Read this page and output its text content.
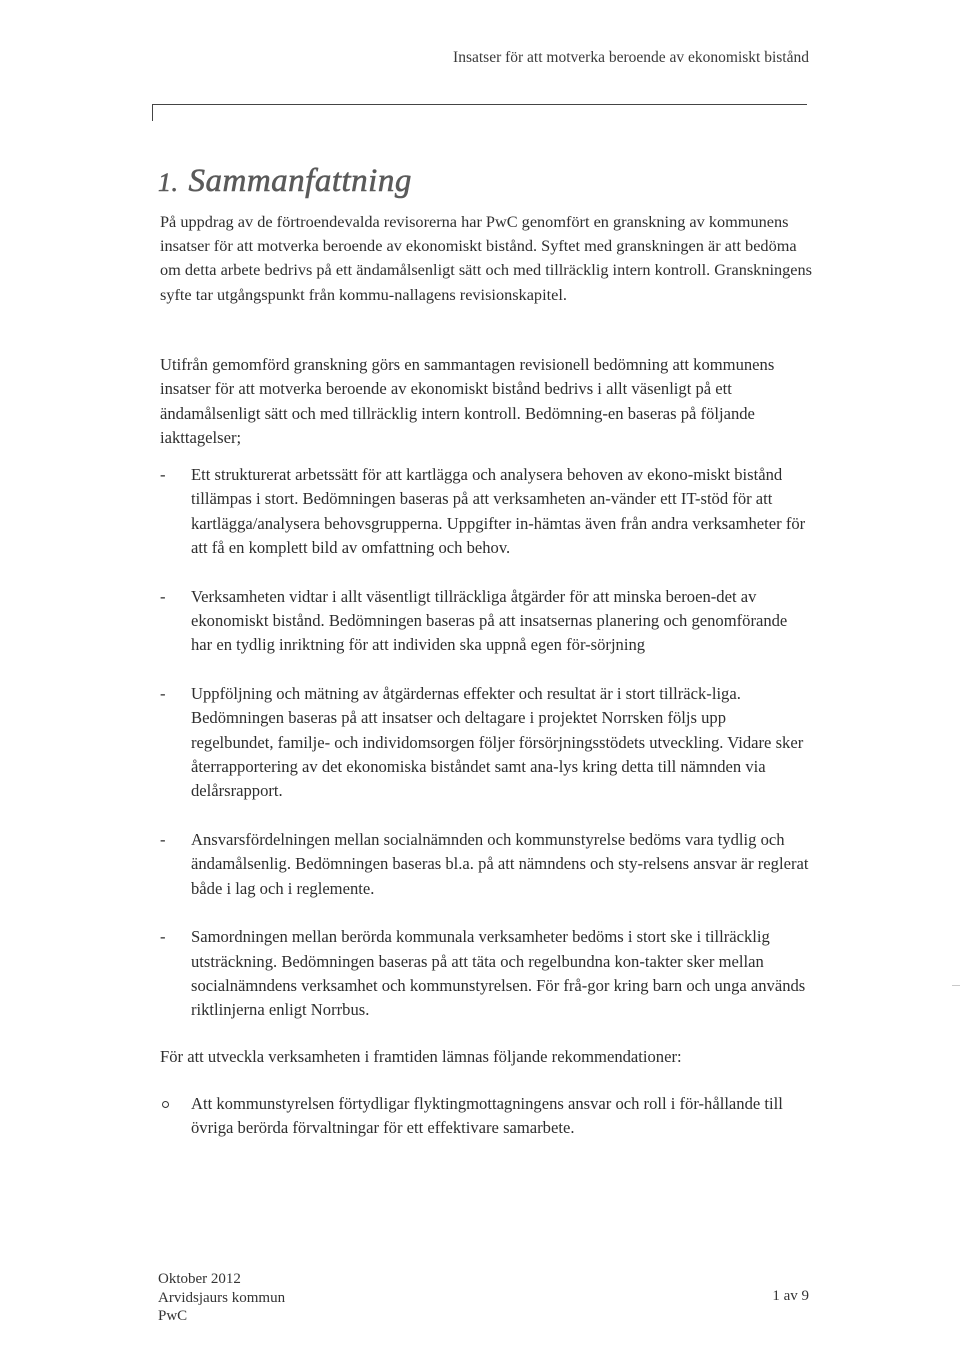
Insatser för att motverka beroende av ekonomiskt bistånd
1. Sammanfattning

På uppdrag av de förtroendevalda revisorerna har PwC genomfört en granskning av kommunens insatser för att motverka beroende av ekonomiskt bistånd. Syftet med granskningen är att bedöma om detta arbete bedrivs på ett ändamålsenligt sätt och med tillräcklig intern kontroll. Granskningens syfte tar utgångspunkt från kommu-nallagens revisionskapitel.

Utifrån gemomförd granskning görs en sammantagen revisionell bedömning att kommunens insatser för att motverka beroende av ekonomiskt bistånd bedrivs i allt väsenligt på ett ändamålsenligt sätt och med tillräcklig intern kontroll. Bedömning-en baseras på följande iakttagelser;

- Ett strukturerat arbetssätt för att kartlägga och analysera behoven av ekono-miskt bistånd tillämpas i stort. Bedömningen baseras på att verksamheten an-vänder ett IT-stöd för att kartlägga/analysera behovsgrupperna. Uppgifter in-hämtas även från andra verksamheter för att få en komplett bild av omfattning och behov.
- Verksamheten vidtar i allt väsentligt tillräckliga åtgärder för att minska beroen-det av ekonomiskt bistånd. Bedömningen baseras på att insatsernas planering och genomförande har en tydlig inriktning för att individen ska uppnå egen för-sörjning
- Uppföljning och mätning av åtgärdernas effekter och resultat är i stort tillräck-liga. Bedömningen baseras på att insatser och deltagare i projektet Norrsken följs upp regelbundet, familje- och individomsorgen följer försörjningsstödets utveckling. Vidare sker återrapportering av det ekonomiska biståndet samt ana-lys kring detta till nämnden via delårsrapport.
- Ansvarsfördelningen mellan socialnämnden och kommunstyrelse bedöms vara tydlig och ändamålsenlig. Bedömningen baseras bl.a. på att nämndens och sty-relsens ansvar är reglerat både i lag och i reglemente.
- Samordningen mellan berörda kommunala verksamheter bedöms i stort ske i tillräcklig utsträckning. Bedömningen baseras på att täta och regelbundna kon-takter sker mellan socialnämndens verksamhet och kommunstyrelsen. För frå-gor kring barn och unga används riktlinjerna enligt Norrbus.

För att utveckla verksamheten i framtiden lämnas följande rekommendationer:

Att kommunstyrelsen förtydligar flyktingmottagningens ansvar och roll i för-hållande till övriga berörda förvaltningar för ett effektivare samarbete.
Oktober 2012
Arvidsjaurs kommun
PwC
1 av 9
